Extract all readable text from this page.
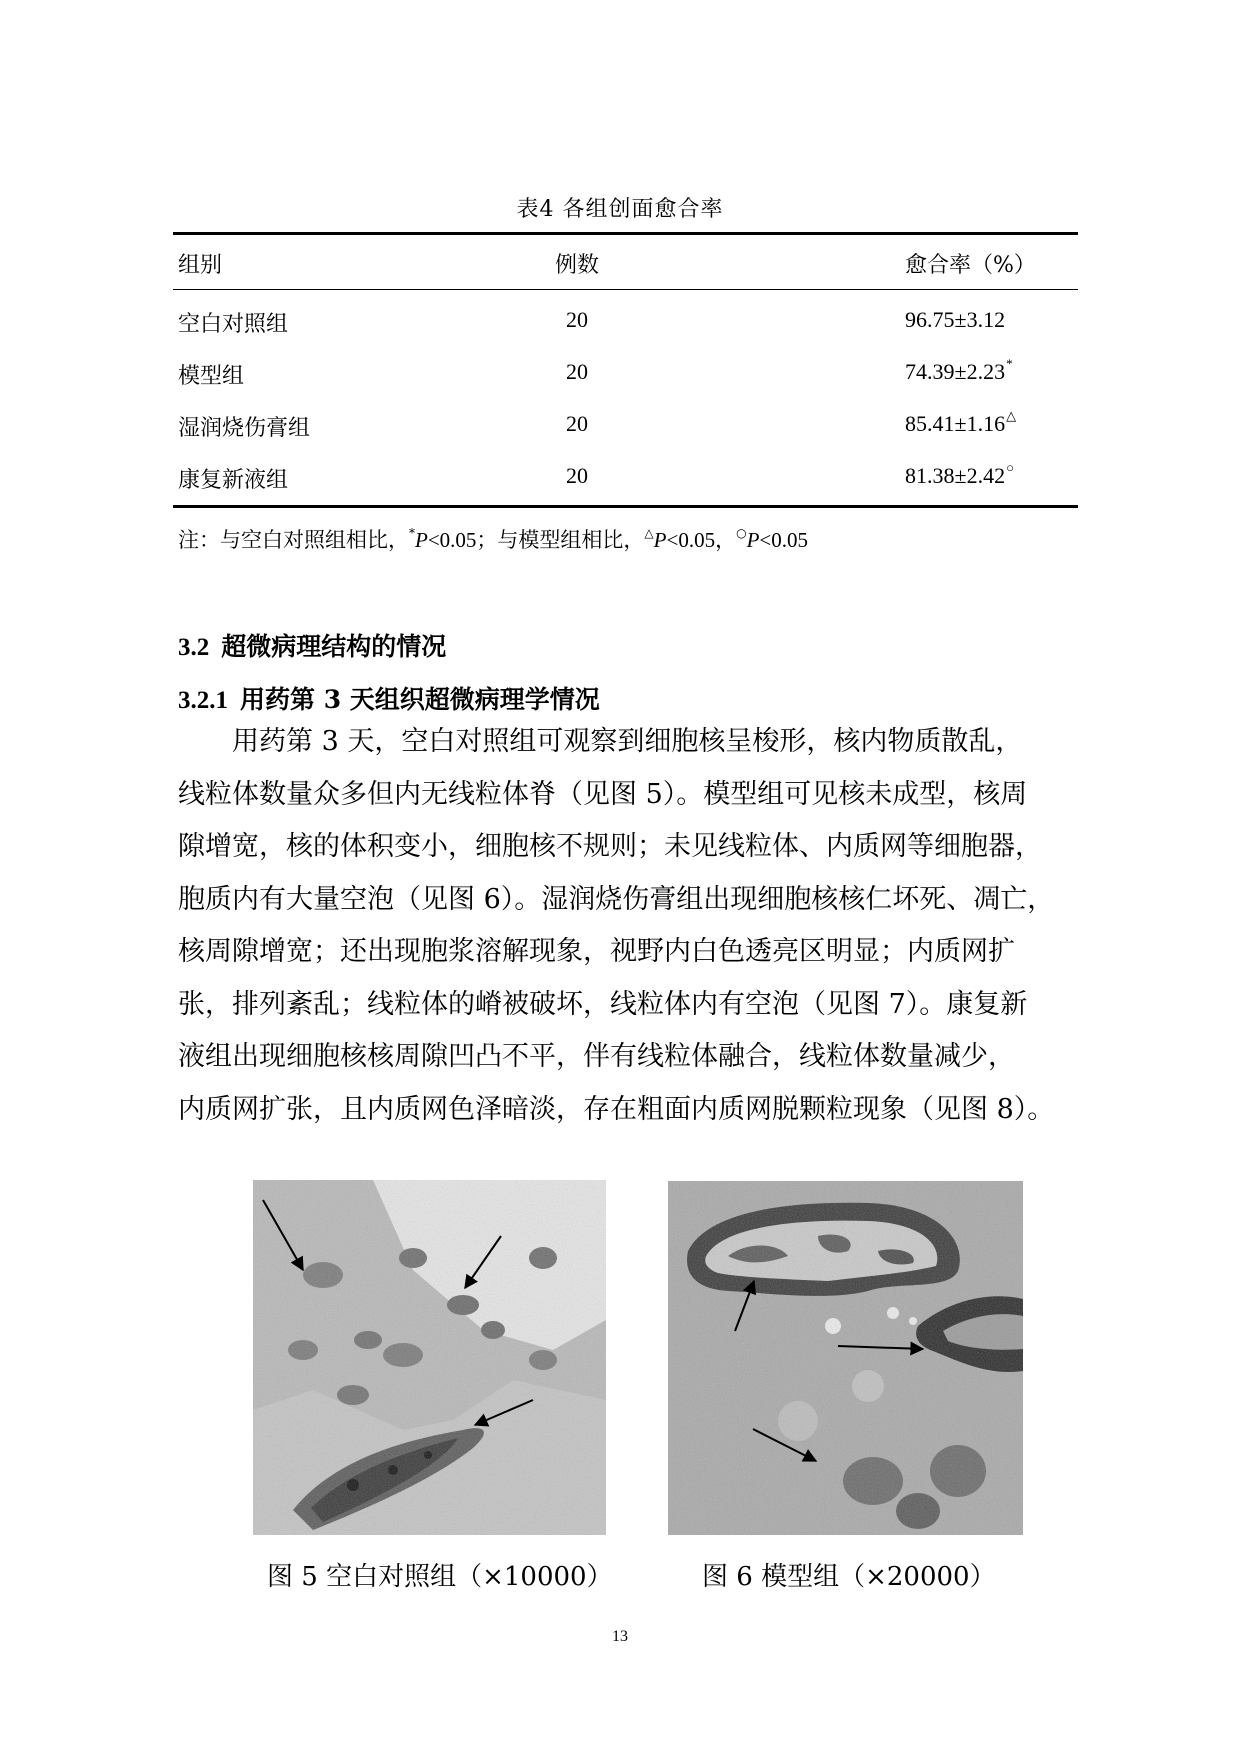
表4 各组创面愈合率
组别	例数	愈合率（%）
空白对照组	20	96.75±3.12
模型组	20	74.39±2.23*
湿润烧伤膏组	20	85.41±1.16△
康复新液组	20	81.38±2.42○
注：与空白对照组相比，*P<0.05；与模型组相比，△P<0.05，○P<0.05
3.2 超微病理结构的情况
3.2.1 用药第 3 天组织超微病理学情况
用药第 3 天，空白对照组可观察到细胞核呈梭形，核内物质散乱，
线粒体数量众多但内无线粒体脊（见图 5）。模型组可见核未成型，核周
隙增宽，核的体积变小，细胞核不规则；未见线粒体、内质网等细胞器，
胞质内有大量空泡（见图 6）。湿润烧伤膏组出现细胞核核仁坏死、凋亡，
核周隙增宽；还出现胞浆溶解现象，视野内白色透亮区明显；内质网扩
张，排列紊乱；线粒体的嵴被破坏，线粒体内有空泡（见图 7）。康复新
液组出现细胞核核周隙凹凸不平，伴有线粒体融合，线粒体数量减少，
内质网扩张，且内质网色泽暗淡，存在粗面内质网脱颗粒现象（见图 8）。
图 5 空白对照组（×10000）	图 6 模型组（×20000）
13
